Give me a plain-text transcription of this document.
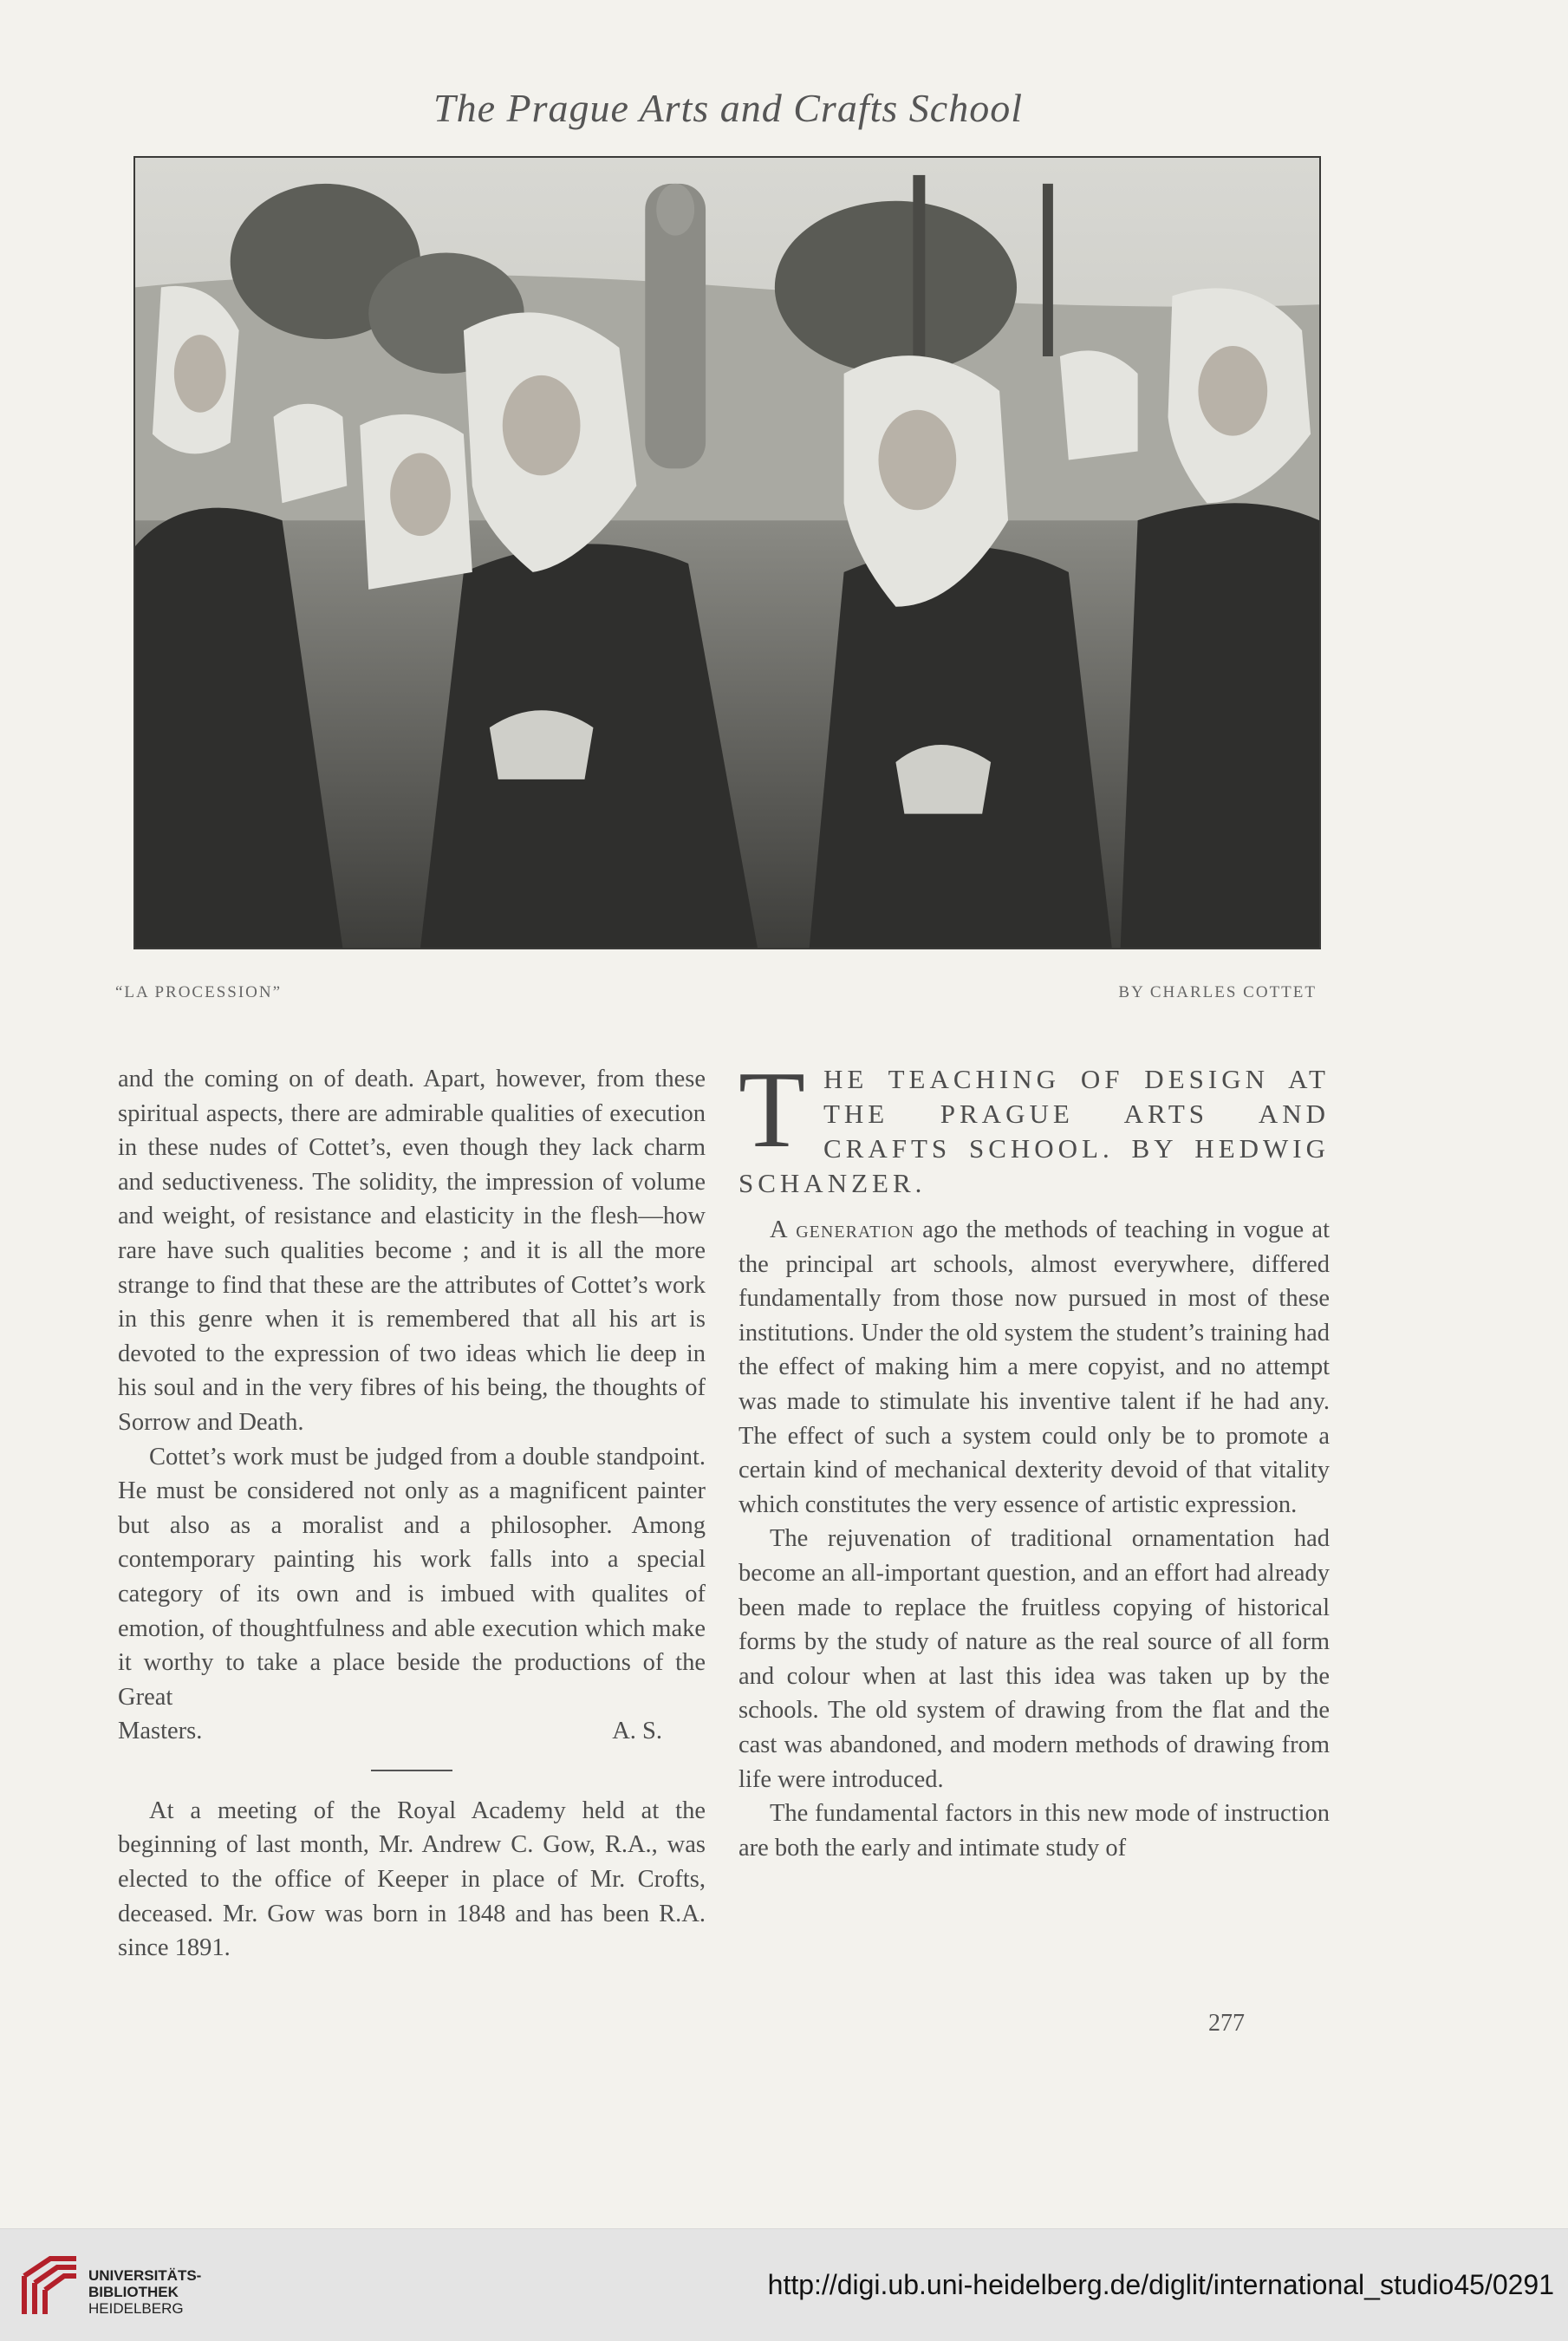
The Prague Arts and Crafts School
“LA PROCESSION”	BY CHARLES COTTET

and the coming on of death. Apart, however, from these spiritual aspects, there are admirable qualities of execution in these nudes of Cottet’s, even though they lack charm and seductiveness. The solidity, the impression of volume and weight, of resistance and elasticity in the flesh—how rare have such qualities become ; and it is all the more strange to find that these are the attributes of Cottet’s work in this genre when it is remembered that all his art is devoted to the expression of two ideas which lie deep in his soul and in the very fibres of his being, the thoughts of Sorrow and Death.

Cottet’s work must be judged from a double standpoint. He must be considered not only as a magnificent painter but also as a moralist and a philosopher. Among contemporary painting his work falls into a special category of its own and is imbued with qualites of emotion, of thoughtfulness and able execution which make it worthy to take a place beside the productions of the Great

Masters.	A. S.

At a meeting of the Royal Academy held at the beginning of last month, Mr. Andrew C. Gow, R.A., was elected to the office of Keeper in place of Mr. Crofts, deceased. Mr. Gow was born in 1848 and has been R.A. since 1891.

T HE TEACHING OF DESIGN AT THE PRAGUE ARTS AND CRAFTS SCHOOL. BY HEDWIG SCHANZER.

A generation ago the methods of teaching in vogue at the principal art schools, almost everywhere, differed fundamentally from those now pursued in most of these institutions. Under the old system the student’s training had the effect of making him a mere copyist, and no attempt was made to stimulate his inventive talent if he had any. The effect of such a system could only be to promote a certain kind of mechanical dexterity devoid of that vitality which constitutes the very essence of artistic expression.

The rejuvenation of traditional ornamentation had become an all-important question, and an effort had already been made to replace the fruitless copying of historical forms by the study of nature as the real source of all form and colour when at last this idea was taken up by the schools. The old system of drawing from the flat and the cast was abandoned, and modern methods of drawing from life were introduced.

The fundamental factors in this new mode of instruction are both the early and intimate study of

277
UNIVERSITÄTS-
BIBLIOTHEK
HEIDELBERG
http://digi.ub.uni-heidelberg.de/diglit/international_studio45/0291
